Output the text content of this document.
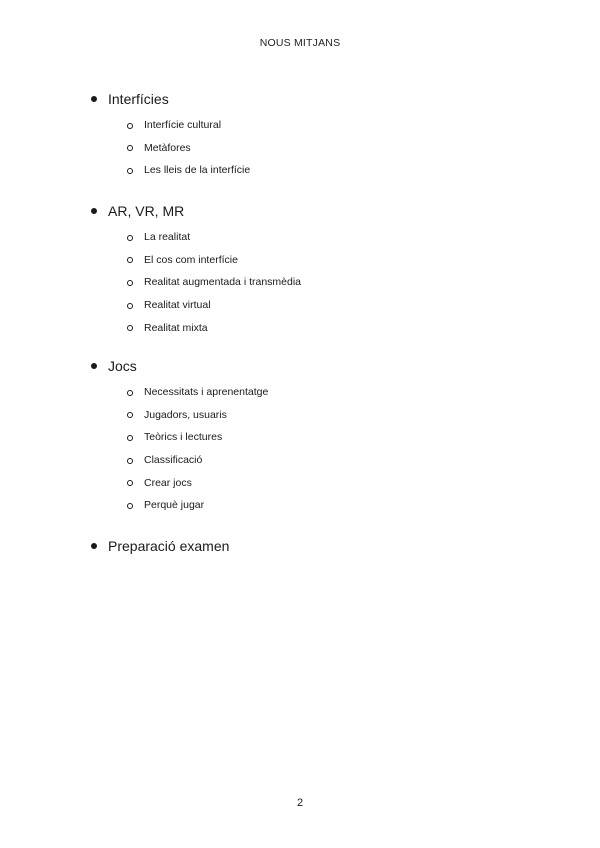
NOUS MITJANS
Interfícies
Interfície cultural
Metàfores
Les lleis de la interfície
AR, VR, MR
La realitat
El cos com interfície
Realitat augmentada i transmèdia
Realitat virtual
Realitat mixta
Jocs
Necessitats i aprenentatge
Jugadors, usuaris
Teòrics i lectures
Classificació
Crear jocs
Perquè jugar
Preparació examen
2
